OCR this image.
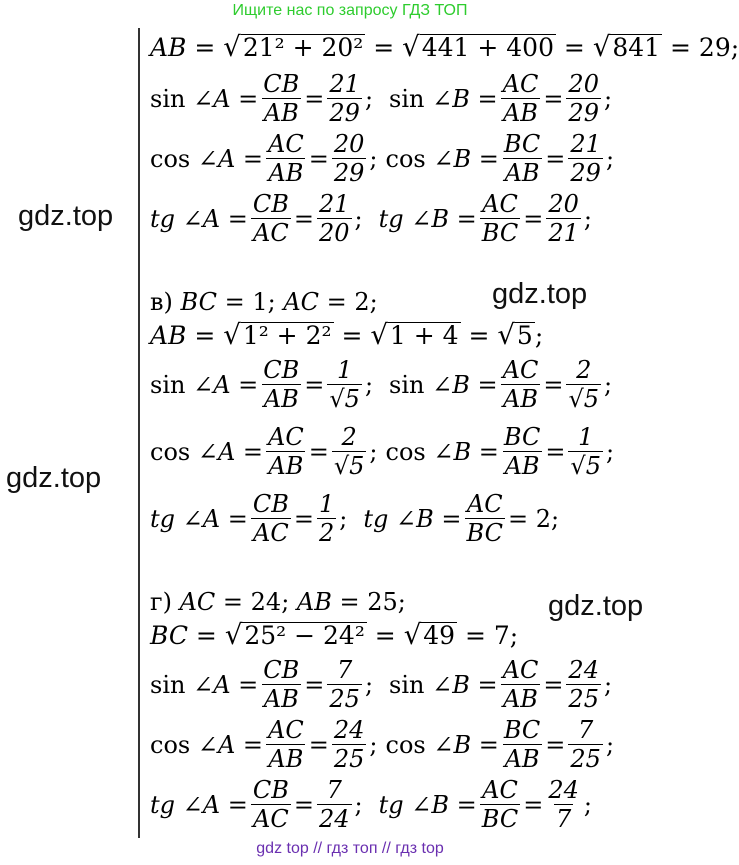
Ищите нас по запросу ГДЗ ТОП
gdz.top
gdz.top
gdz.top
gdz.top
AB = √ 21² + 20² = √ 441 + 400 = √ 841 = 29;
sin ∠ $A = \frac{CB}{AB} = \frac{21}{29}$ ;
sin ∠ $B = \frac{AC}{AB} = \frac{20}{29}$ ;
cos ∠ $A = \frac{AC}{AB} = \frac{20}{29}$ ;
cos ∠ $B = \frac{BC}{AB} = \frac{21}{29}$ ;
tg ∠ $A = \frac{CB}{AC} = \frac{21}{20}$ ; tg ∠ $B = \frac{AC}{BC} = \frac{20}{21}$ ;
в) BC = 1; AC = 2;
AB = √ 1² + 2² = √ 1 + 4 = √ 5 ;
sin ∠ $A = \frac{CB}{AB} = \frac{1}{√5}$ ;
sin ∠ $B = \frac{AC}{AB} = \frac{2}{√5}$ ;
cos ∠ $A = \frac{AC}{AB} = \frac{2}{√5}$ ;
cos ∠ $B = \frac{BC}{AB} = \frac{1}{√5}$ ;
tg ∠ $A = \frac{CB}{AC} = \frac{1}{2}$ ; tg ∠ $B = \frac{AC}{BC} = 2$;
г) AC = 24; AB = 25;
BC = √ 25² − 24² = √ 49 = 7;
sin ∠ $A = \frac{CB}{AB} = \frac{7}{25}$ ;
sin ∠ $B = \frac{AC}{AB} = \frac{24}{25}$ ;
cos ∠ $A = \frac{AC}{AB} = \frac{24}{25}$ ;
cos ∠ $B = \frac{BC}{AB} = \frac{7}{25}$ ;
tg ∠ $A = \frac{CB}{AC} = \frac{7}{24}$ ; tg ∠ $B = \frac{AC}{BC} = \frac{24}{7}$ ;
gdz top // гдз топ // гдз top
